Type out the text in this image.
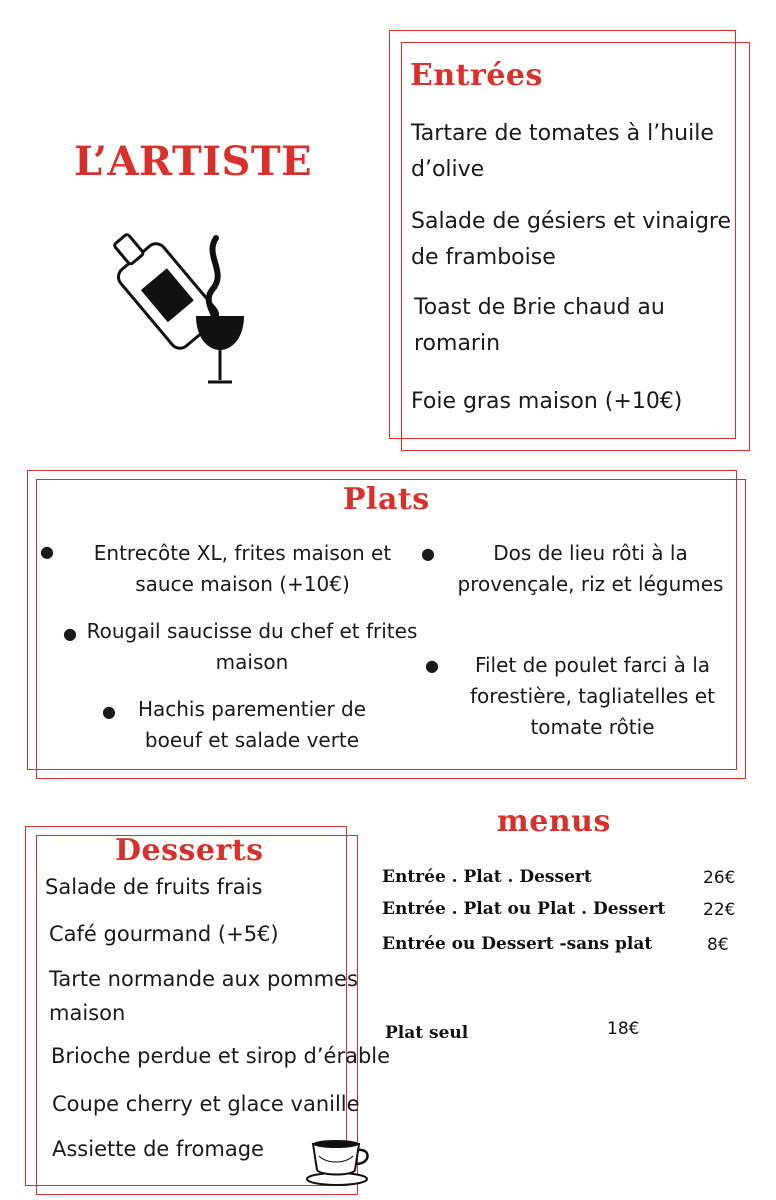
L’ARTISTE
Entrées
Tartare de tomates à l’huile
d’olive
Salade de gésiers et vinaigre
de framboise
Toast de Brie chaud au
romarin
Foie gras maison (+10€)
Plats
● Entrecôte XL, frites maison et
sauce maison (+10€)
● Rougail saucisse du chef et frites
maison
● Hachis parementier de
boeuf et salade verte
●	Dos de lieu rôti à la
provençale, riz et légumes
●	Filet de poulet farci à la
forestière, tagliatelles et
tomate rôtie
Desserts
Salade de fruits frais
Café gourmand (+5€)
Tarte normande aux pommes
maison
Brioche perdue et sirop d’érable
Coupe cherry et glace vanille
Assiette de fromage
menus
Entrée . Plat . Dessert	26€
Entrée . Plat ou Plat . Dessert 22€
Entrée ou Dessert -sans plat	8€
Plat seul	18€
